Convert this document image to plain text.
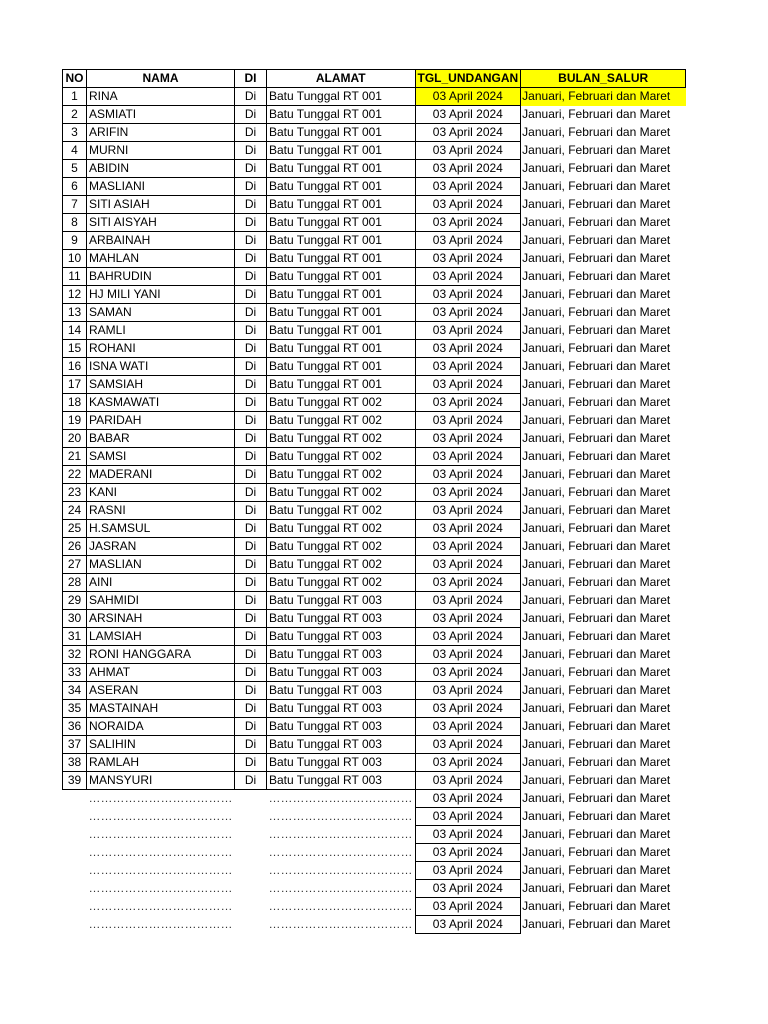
NO	NAMA	DI	ALAMAT	TGL_UNDANGAN	BULAN_SALUR
1	RINA	Di	Batu Tunggal RT 001	03 April 2024	Januari, Februari dan Maret
2	ASMIATI	Di	Batu Tunggal RT 001	03 April 2024	Januari, Februari dan Maret
3	ARIFIN	Di	Batu Tunggal RT 001	03 April 2024	Januari, Februari dan Maret
4	MURNI	Di	Batu Tunggal RT 001	03 April 2024	Januari, Februari dan Maret
5	ABIDIN	Di	Batu Tunggal RT 001	03 April 2024	Januari, Februari dan Maret
6	MASLIANI	Di	Batu Tunggal RT 001	03 April 2024	Januari, Februari dan Maret
7	SITI ASIAH	Di	Batu Tunggal RT 001	03 April 2024	Januari, Februari dan Maret
8	SITI AISYAH	Di	Batu Tunggal RT 001	03 April 2024	Januari, Februari dan Maret
9	ARBAINAH	Di	Batu Tunggal RT 001	03 April 2024	Januari, Februari dan Maret
10	MAHLAN	Di	Batu Tunggal RT 001	03 April 2024	Januari, Februari dan Maret
11	BAHRUDIN	Di	Batu Tunggal RT 001	03 April 2024	Januari, Februari dan Maret
12	HJ MILI YANI	Di	Batu Tunggal RT 001	03 April 2024	Januari, Februari dan Maret
13	SAMAN	Di	Batu Tunggal RT 001	03 April 2024	Januari, Februari dan Maret
14	RAMLI	Di	Batu Tunggal RT 001	03 April 2024	Januari, Februari dan Maret
15	ROHANI	Di	Batu Tunggal RT 001	03 April 2024	Januari, Februari dan Maret
16	ISNA WATI	Di	Batu Tunggal RT 001	03 April 2024	Januari, Februari dan Maret
17	SAMSIAH	Di	Batu Tunggal RT 001	03 April 2024	Januari, Februari dan Maret
18	KASMAWATI	Di	Batu Tunggal RT 002	03 April 2024	Januari, Februari dan Maret
19	PARIDAH	Di	Batu Tunggal RT 002	03 April 2024	Januari, Februari dan Maret
20	BABAR	Di	Batu Tunggal RT 002	03 April 2024	Januari, Februari dan Maret
21	SAMSI	Di	Batu Tunggal RT 002	03 April 2024	Januari, Februari dan Maret
22	MADERANI	Di	Batu Tunggal RT 002	03 April 2024	Januari, Februari dan Maret
23	KANI	Di	Batu Tunggal RT 002	03 April 2024	Januari, Februari dan Maret
24	RASNI	Di	Batu Tunggal RT 002	03 April 2024	Januari, Februari dan Maret
25	H.SAMSUL	Di	Batu Tunggal RT 002	03 April 2024	Januari, Februari dan Maret
26	JASRAN	Di	Batu Tunggal RT 002	03 April 2024	Januari, Februari dan Maret
27	MASLIAN	Di	Batu Tunggal RT 002	03 April 2024	Januari, Februari dan Maret
28	AINI	Di	Batu Tunggal RT 002	03 April 2024	Januari, Februari dan Maret
29	SAHMIDI	Di	Batu Tunggal RT 003	03 April 2024	Januari, Februari dan Maret
30	ARSINAH	Di	Batu Tunggal RT 003	03 April 2024	Januari, Februari dan Maret
31	LAMSIAH	Di	Batu Tunggal RT 003	03 April 2024	Januari, Februari dan Maret
32	RONI HANGGARA	Di	Batu Tunggal RT 003	03 April 2024	Januari, Februari dan Maret
33	AHMAT	Di	Batu Tunggal RT 003	03 April 2024	Januari, Februari dan Maret
34	ASERAN	Di	Batu Tunggal RT 003	03 April 2024	Januari, Februari dan Maret
35	MASTAINAH	Di	Batu Tunggal RT 003	03 April 2024	Januari, Februari dan Maret
36	NORAIDA	Di	Batu Tunggal RT 003	03 April 2024	Januari, Februari dan Maret
37	SALIHIN	Di	Batu Tunggal RT 003	03 April 2024	Januari, Februari dan Maret
38	RAMLAH	Di	Batu Tunggal RT 003	03 April 2024	Januari, Februari dan Maret
39	MANSYURI	Di	Batu Tunggal RT 003	03 April 2024	Januari, Februari dan Maret
	………………………………		………………………………	03 April 2024	Januari, Februari dan Maret
	………………………………		………………………………	03 April 2024	Januari, Februari dan Maret
	………………………………		………………………………	03 April 2024	Januari, Februari dan Maret
	………………………………		………………………………	03 April 2024	Januari, Februari dan Maret
	………………………………		………………………………	03 April 2024	Januari, Februari dan Maret
	………………………………		………………………………	03 April 2024	Januari, Februari dan Maret
	………………………………		………………………………	03 April 2024	Januari, Februari dan Maret
	………………………………		………………………………	03 April 2024	Januari, Februari dan Maret
